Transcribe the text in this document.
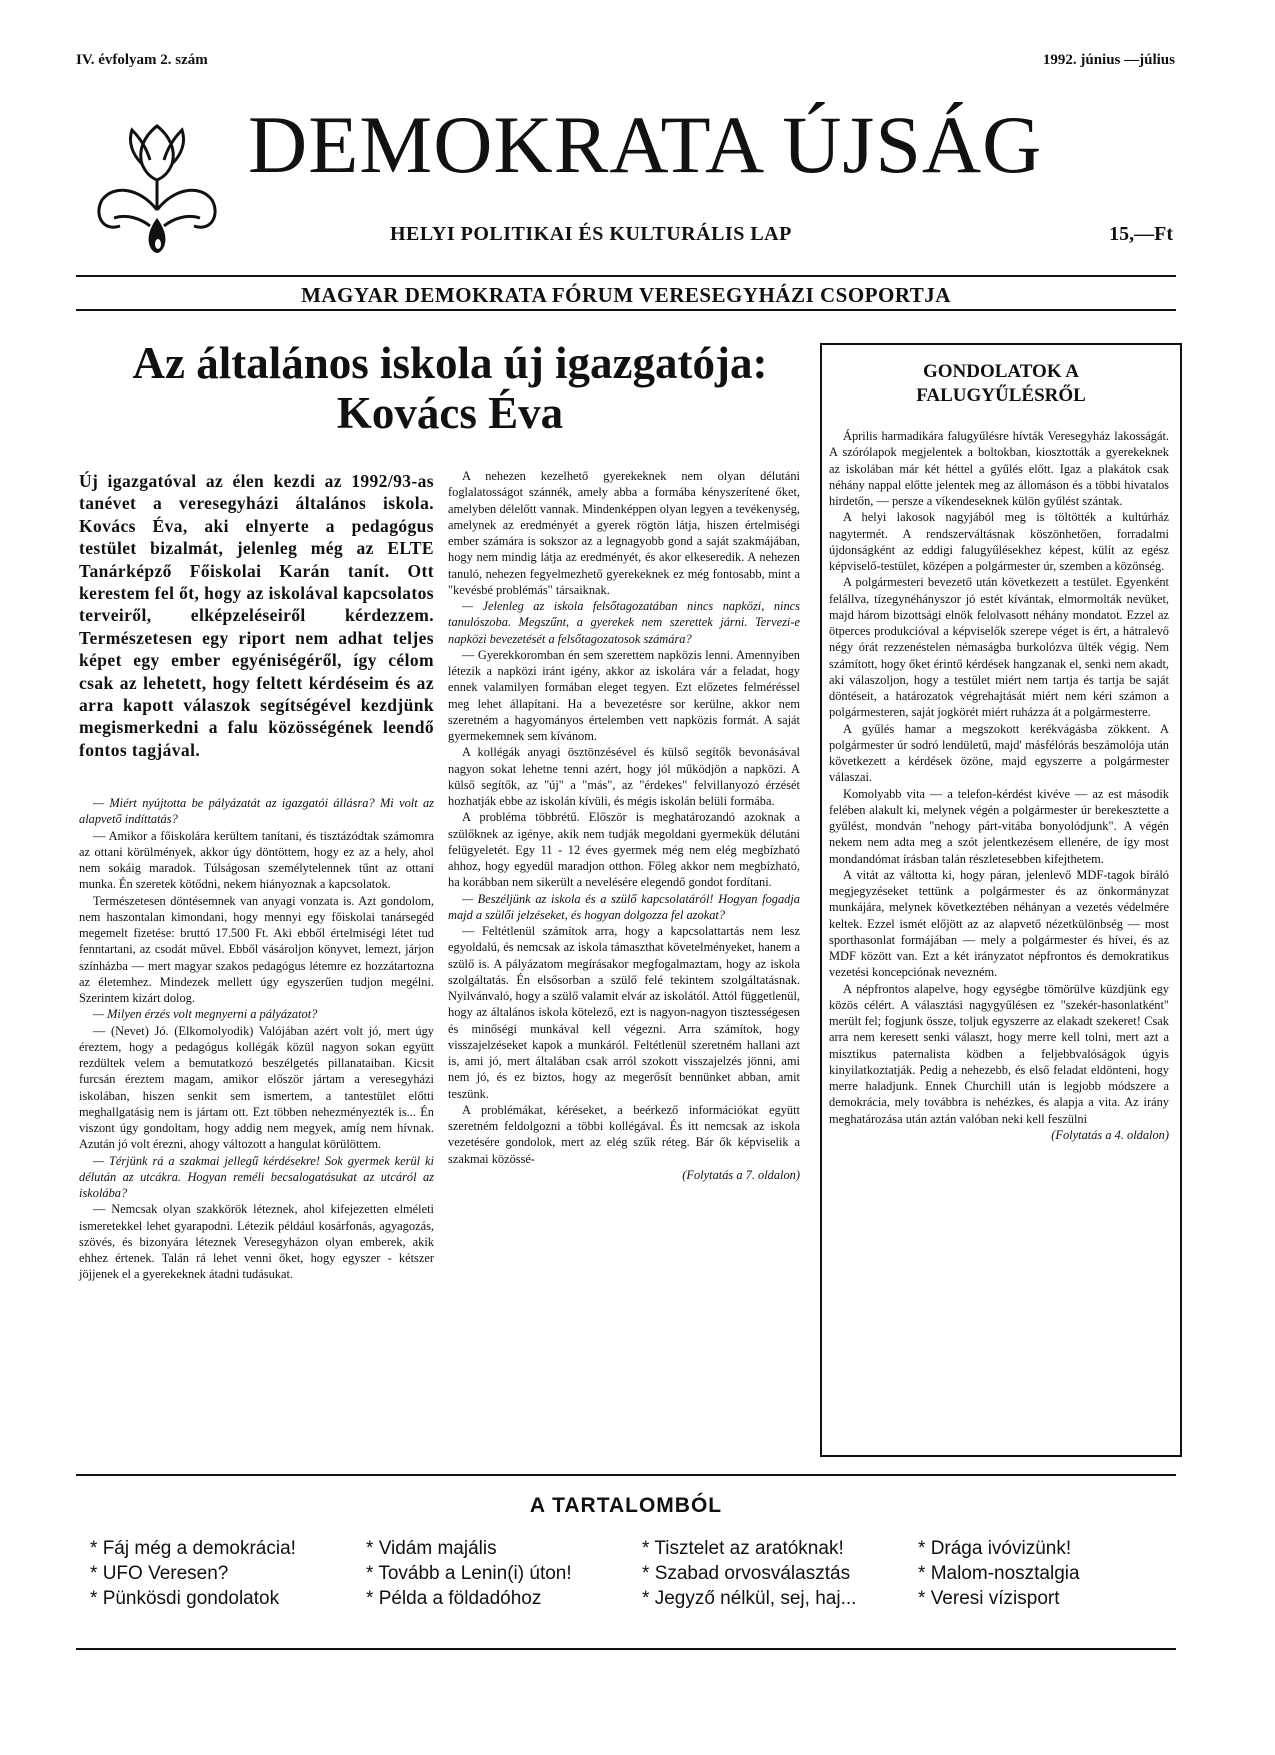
IV. évfolyam 2. szám	1992. június —július
DEMOKRATA ÚJSÁG
HELYI POLITIKAI ÉS KULTURÁLIS LAP	15,—Ft
MAGYAR DEMOKRATA FÓRUM VERESEGYHÁZI CSOPORTJA
Az általános iskola új igazgatója:
Kovács Éva
Új igazgatóval az élen kezdi az 1992/93-as tanévet a veresegyházi általános iskola. Kovács Éva, aki elnyerte a pedagógus testület bizalmát, jelenleg még az ELTE Tanárképző Főiskolai Karán tanít. Ott kerestem fel őt, hogy az iskolával kapcsolatos terveiről, elképzeléseiről kérdezzem. Természetesen egy riport nem adhat teljes képet egy ember egyéniségéről, így célom csak az lehetett, hogy feltett kérdéseim és az arra kapott válaszok segítségével kezdjünk megismerkedni a falu közösségének leendő fontos tagjával.

— Miért nyújtotta be pályázatát az igazgatói állásra? Mi volt az alapvető indíttatás?

— Amikor a főiskolára kerültem tanítani, és tisztázódtak számomra az ottani körülmények, akkor úgy döntöttem, hogy ez az a hely, ahol nem sokáig maradok. Túlságosan személytelennek tűnt az ottani munka. Én szeretek kötődni, nekem hiányoznak a kapcsolatok.

Természetesen döntésemnek van anyagi vonzata is. Azt gondolom, nem haszontalan kimondani, hogy mennyi egy főiskolai tanársegéd megemelt fizetése: bruttó 17.500 Ft. Aki ebből értelmiségi létet tud fenntartani, az csodát művel. Ebből vásároljon könyvet, lemezt, járjon színházba — mert magyar szakos pedagógus létemre ez hozzátartozna az életemhez. Mindezek mellett úgy egyszerűen tudjon megélni. Szerintem kizárt dolog.

— Milyen érzés volt megnyerni a pályázatot?

— (Nevet) Jó. (Elkomolyodik) Valójában azért volt jó, mert úgy éreztem, hogy a pedagógus kollégák közül nagyon sokan együtt rezdültek velem a bemutatkozó beszélgetés pillanataiban. Kicsit furcsán éreztem magam, amikor először jártam a veresegyházi iskolában, hiszen senkit sem ismertem, a tantestület előtti meghallgatásig nem is jártam ott. Ezt többen nehezményezték is... Én viszont úgy gondoltam, hogy addig nem megyek, amíg nem hívnak. Azután jó volt érezni, ahogy változott a hangulat körülöttem.

— Térjünk rá a szakmai jellegű kérdésekre! Sok gyermek kerül ki délután az utcákra. Hogyan reméli becsalogatásukat az utcáról az iskolába?

— Nemcsak olyan szakkörök léteznek, ahol kifejezetten elméleti ismeretekkel lehet gyarapodni. Létezik például kosárfonás, agyagozás, szövés, és bizonyára léteznek Veresegyházon olyan emberek, akik ehhez értenek. Talán rá lehet venni őket, hogy egyszer - kétszer jöjjenek el a gyerekeknek átadni tudásukat.

A nehezen kezelhető gyerekeknek nem olyan délutáni foglalatosságot szánnék, amely abba a formába kényszerítené őket, amelyben délelőtt vannak. Mindenképpen olyan legyen a tevékenység, amelynek az eredményét a gyerek rögtön látja, hiszen értelmiségi ember számára is sokszor az a legnagyobb gond a saját szakmájában, hogy nem mindig látja az eredményét, és akor elkeseredik. A nehezen tanuló, nehezen fegyelmezhető gyerekeknek ez még fontosabb, mint a "kevésbé problémás" társaiknak.

— Jelenleg az iskola felsőtagozatában nincs napközi, nincs tanulószoba. Megszűnt, a gyerekek nem szerettek járni. Tervezi-e napközi bevezetését a felsőtagozatosok számára?

— Gyerekkoromban én sem szerettem napközis lenni. Amennyiben létezik a napközi iránt igény, akkor az iskolára vár a feladat, hogy ennek valamilyen formában eleget tegyen. Ezt előzetes felméréssel meg lehet állapítani. Ha a bevezetésre sor kerülne, akkor nem szeretném a hagyományos értelemben vett napközis formát. A saját gyermekemnek sem kívánom.

A kollégák anyagi ösztönzésével és külső segítők bevonásával nagyon sokat lehetne tenni azért, hogy jól működjön a napközi. A külső segítők, az "új" a "más", az "érdekes" felvillanyozó érzését hozhatják ebbe az iskolán kívüli, és mégis iskolán belüli formába.

A probléma többrétű. Először is meghatározandó azoknak a szülőknek az igénye, akik nem tudják megoldani gyermekük délutáni felügyeletét. Egy 11 - 12 éves gyermek még nem elég megbízható ahhoz, hogy egyedül maradjon otthon. Főleg akkor nem megbízható, ha korábban nem sikerült a nevelésére elegendő gondot fordítani.

— Beszéljünk az iskola és a szülő kapcsolatáról! Hogyan fogadja majd a szülői jelzéseket, és hogyan dolgozza fel azokat?

— Feltétlenül számítok arra, hogy a kapcsolattartás nem lesz egyoldalú, és nemcsak az iskola támaszthat követelményeket, hanem a szülő is. A pályázatom megírásakor megfogalmaztam, hogy az iskola szolgáltatás. Én elsősorban a szülő felé tekintem szolgáltatásnak. Nyilvánvaló, hogy a szülő valamit elvár az iskolától. Attól függetlenül, hogy az általános iskola kötelező, ezt is nagyon-nagyon tisztességesen és minőségi munkával kell végezni. Arra számítok, hogy visszajelzéseket kapok a munkáról. Feltétlenül szeretném hallani azt is, ami jó, mert általában csak arról szokott visszajelzés jönni, ami nem jó, és ez biztos, hogy az megerősít bennünket abban, amit teszünk.

A problémákat, kéréseket, a beérkező információkat együtt szeretném feldolgozni a többi kollégával. És itt nemcsak az iskola vezetésére gondolok, mert az elég szűk réteg. Bár ők képviselik a szakmai közössé-

(Folytatás a 7. oldalon)

GONDOLATOK A
FALUGYŰLÉSRŐL

Április harmadikára falugyűlésre hívták Veresegyház lakosságát. A szórólapok megjelentek a boltokban, kiosztották a gyerekeknek az iskolában már két héttel a gyűlés előtt. Igaz a plakátok csak néhány nappal előtte jelentek meg az állomáson és a többi hivatalos hirdetőn, — persze a víkendeseknek külön gyűlést szántak.

A helyi lakosok nagyjából meg is töltötték a kultúrház nagytermét. A rendszerváltásnak köszönhetően, forradalmi újdonságként az eddigi falugyűlésekhez képest, külít az egész képviselő-testület, középen a polgármester úr, szemben a közönség.

A polgármesteri bevezető után következett a testület. Egyenként felállva, tízegynéhányszor jó estét kívántak, elmormolták nevüket, majd három bizottsági elnök felolvasott néhány mondatot. Ezzel az ötperces produkcióval a képviselők szerepe véget is ért, a hátralevő négy órát rezzenéstelen némaságba burkolózva ülték végig. Nem számított, hogy őket érintő kérdések hangzanak el, senki nem akadt, aki válaszoljon, hogy a testület miért nem tartja és tartja be saját döntéseit, a határozatok végrehajtását miért nem kéri számon a polgármesteren, saját jogkörét miért ruházza át a polgármesterre.

A gyűlés hamar a megszokott kerékvágásba zökkent. A polgármester úr sodró lendületű, majd' másfélórás beszámolója után következett a kérdések özöne, majd egyszerre a polgármester válaszai.

Komolyabb vita — a telefon-kérdést kivéve — az est második felében alakult ki, melynek végén a polgármester úr berekesztette a gyűlést, mondván "nehogy párt-vitába bonyolódjunk". A végén nekem nem adta meg a szót jelentkezésem ellenére, de így most mondandómat írásban talán részletesebben kifejthetem.

A vitát az váltotta ki, hogy páran, jelenlevő MDF-tagok bíráló megjegyzéseket tettünk a polgármester és az önkormányzat munkájára, melynek következtében néhányan a vezetés védelmére keltek. Ezzel ismét előjött az az alapvető nézetkülönbség — most sporthasonlat formájában — mely a polgármester és hívei, és az MDF között van. Ezt a két irányzatot népfrontos és demokratikus vezetési koncepciónak nevezném.

A népfrontos alapelve, hogy egységbe tömörülve küzdjünk egy közös célért. A választási nagygyűlésen ez "szekér-hasonlatként" merült fel; fogjunk össze, toljuk egyszerre az elakadt szekeret! Csak arra nem keresett senki választ, hogy merre kell tolni, mert azt a misztikus paternalista ködben a feljebbvalóságok úgyis kinyilatkoztatják. Pedig a nehezebb, és első feladat eldönteni, hogy merre haladjunk. Ennek Churchill után is legjobb módszere a demokrácia, mely továbbra is nehézkes, és alapja a vita. Az irány meghatározása után aztán valóban neki kell feszülni

(Folytatás a 4. oldalon)

A TARTALOMBÓL
* Fáj még a demokrácia!
* UFO Veresen?
* Pünkösdi gondolatok
* Vidám majális
* Tovább a Lenin(i) úton!
* Példa a földadóhoz
* Tisztelet az aratóknak!
* Szabad orvosválasztás
* Jegyző nélkül, sej, haj...
* Drága ivóvizünk!
* Malom-nosztalgia
* Veresi vízisport
